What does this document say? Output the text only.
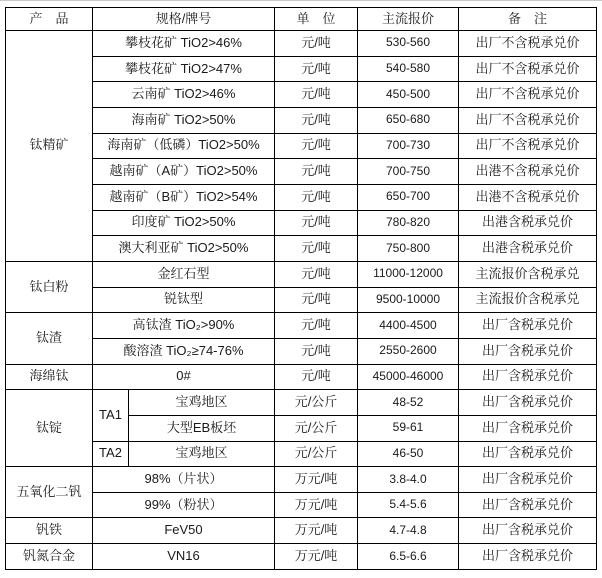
产　品	规格/牌号		单　位	主流报价	备　注
钛精矿	攀枝花矿 TiO2>46%		元/吨	530-560	出厂不含税承兑价
	攀枝花矿 TiO2>47%		元/吨	540-580	出厂不含税承兑价
	云南矿 TiO2>46%		元/吨	450-500	出厂不含税承兑价
	海南矿 TiO2>50%		元/吨	650-680	出厂不含税承兑价
	海南矿（低磷）TiO2>50%		元/吨	700-730	出厂不含税承兑价
	越南矿（A矿）TiO2>50%		元/吨	700-750	出港不含税承兑价
	越南矿（B矿）TiO2>54%		元/吨	650-700	出港不含税承兑价
	印度矿 TiO2>50%		元/吨	780-820	出港含税承兑价
	澳大利亚矿 TiO2>50%		元/吨	750-800	出港含税承兑价
钛白粉	金红石型		元/吨	11000-12000	主流报价含税承兑
	锐钛型		元/吨	9500-10000	主流报价含税承兑
钛渣	高钛渣 TiO₂>90%		元/吨	4400-4500	出厂含税承兑价
	酸溶渣 TiO₂≥74-76%		元/吨	2550-2600	出厂含税承兑价
海绵钛	0#		元/吨	45000-46000	出厂含税承兑价
钛锭	TA1	宝鸡地区	元/公斤	48-52	出厂含税承兑价
		大型EB板坯	元/公斤	59-61	出厂含税承兑价
	TA2	宝鸡地区	元/公斤	46-50	出厂含税承兑价
五氧化二钒	98%（片状）		万元/吨	3.8-4.0	出厂含税承兑价
	99%（粉状）		万元/吨	5.4-5.6	出厂含税承兑价
钒铁	FeV50		万元/吨	4.7-4.8	出厂含税承兑价
钒氮合金	VN16		万元/吨	6.5-6.6	出厂含税承兑价
